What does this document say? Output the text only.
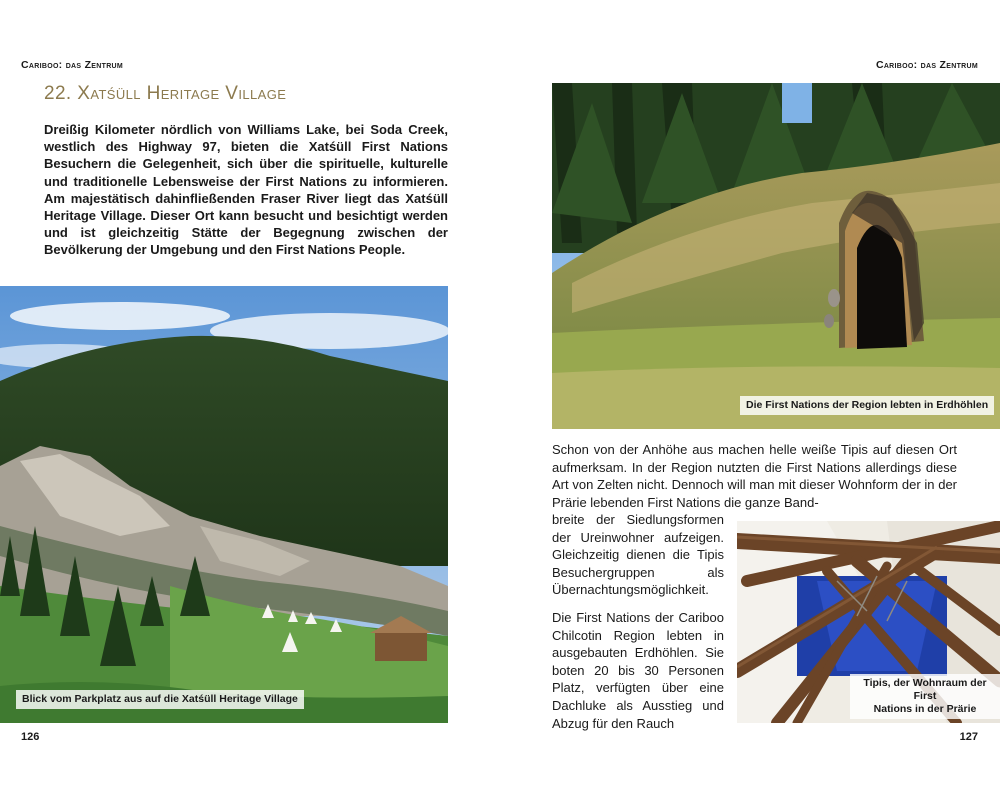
Cariboo: das Zentrum
22. Xatśüll Heritage Village

Dreißig Kilometer nördlich von Williams Lake, bei Soda Creek, westlich des Highway 97, bieten die Xatśüll First Nations Besuchern die Gelegenheit, sich über die spirituelle, kulturelle und traditionelle Lebensweise der First Nations zu informieren. Am majestätisch dahinfließenden Fraser River liegt das Xatśüll Heritage Village. Dieser Ort kann besucht und besichtigt werden und ist gleichzeitig Stätte der Begegnung zwischen der Bevölkerung der Umgebung und den First Nations People.

Blick vom Parkplatz aus auf die Xatśüll Heritage Village
126
Cariboo: das Zentrum
Die First Nations der Region lebten in Erdhöhlen

Schon von der Anhöhe aus machen helle weiße Tipis auf diesen Ort aufmerksam. In der Region nutzten die First Nations allerdings diese Art von Zelten nicht. Dennoch will man mit dieser Wohnform der in der Prärie lebenden First Nations die ganze Band-

breite der Siedlungsformen der Ureinwohner aufzeigen. Gleichzeitig dienen die Tipis Besuchergruppen als Übernachtungsmöglichkeit.

Die First Nations der Cariboo Chilcotin Region lebten in ausgebauten Erdhöhlen. Sie boten 20 bis 30 Personen Platz, verfügten über eine Dachluke als Ausstieg und Abzug für den Rauch

Tipis, der Wohnraum der First
Nations in der Prärie
127
